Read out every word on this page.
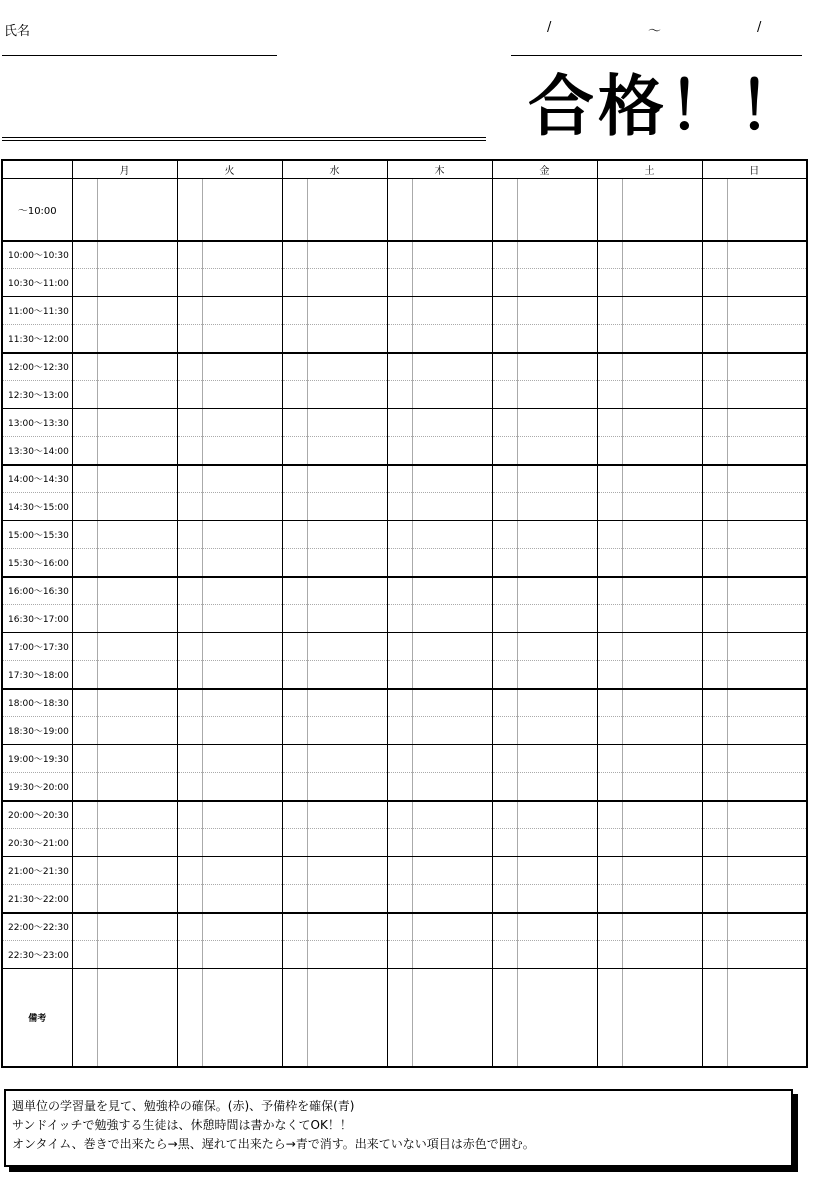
氏名	/	～	/
合格！！
	月		火		水		木		金		土		日	
～10:00														
10:00～10:30														
10:30～11:00														
11:00～11:30														
11:30～12:00														
12:00～12:30														
12:30～13:00														
13:00～13:30														
13:30～14:00														
14:00～14:30														
14:30～15:00														
15:00～15:30														
15:30～16:00														
16:00～16:30														
16:30～17:00														
17:00～17:30														
17:30～18:00														
18:00～18:30														
18:30～19:00														
19:00～19:30														
19:30～20:00														
20:00～20:30														
20:30～21:00														
21:00～21:30														
21:30～22:00														
22:00～22:30														
22:30～23:00														
備考														
週単位の学習量を見て、勉強枠の確保。(赤)、予備枠を確保(青)
サンドイッチで勉強する生徒は、休憩時間は書かなくてOK！！
オンタイム、巻きで出来たら→黒、遅れて出来たら→青で消す。出来ていない項目は赤色で囲む。
